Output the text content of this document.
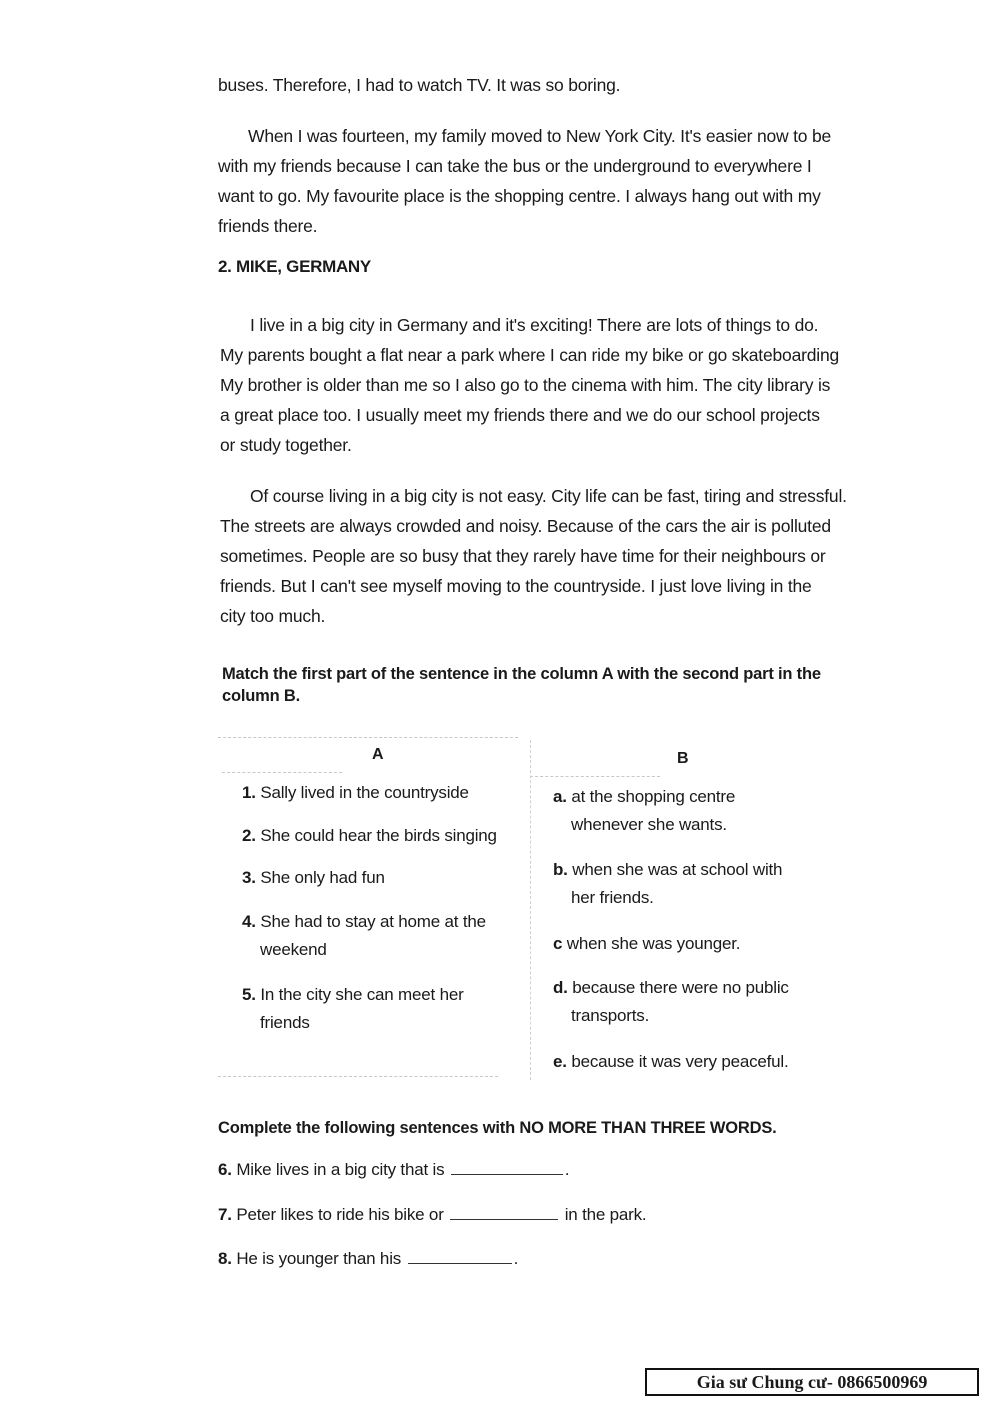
buses. Therefore, I had to watch TV. It was so boring.
When I was fourteen, my family moved to New York City. It's easier now to be
with my friends because I can take the bus or the underground to everywhere I
want to go. My favourite place is the shopping centre. I always hang out with my
friends there.
2. MIKE, GERMANY
I live in a big city in Germany and it's exciting! There are lots of things to do.
My parents bought a flat near a park where I can ride my bike or go skateboarding
My brother is older than me so I also go to the cinema with him. The city library is
a great place too. I usually meet my friends there and we do our school projects
or study together.
Of course living in a big city is not easy. City life can be fast, tiring and stressful.
The streets are always crowded and noisy. Because of the cars the air is polluted
sometimes. People are so busy that they rarely have time for their neighbours or
friends. But I can't see myself moving to the countryside. I just love living in the
city too much.
Match the first part of the sentence in the column A with the second part in the
column B.
A	B
1. Sally lived in the countryside
2. She could hear the birds singing
3. She only had fun
4. She had to stay at home at the
weekend
5. In the city she can meet her
friends
a. at the shopping centre
whenever she wants.
b. when she was at school with
her friends.
c when she was younger.
d. because there were no public
transports.
e. because it was very peaceful.
Complete the following sentences with NO MORE THAN THREE WORDS.
6. Mike lives in a big city that is	.
7. Peter likes to ride his bike or	in the park.
8. He is younger than his	.
Gia sư Chung cư- 0866500969
